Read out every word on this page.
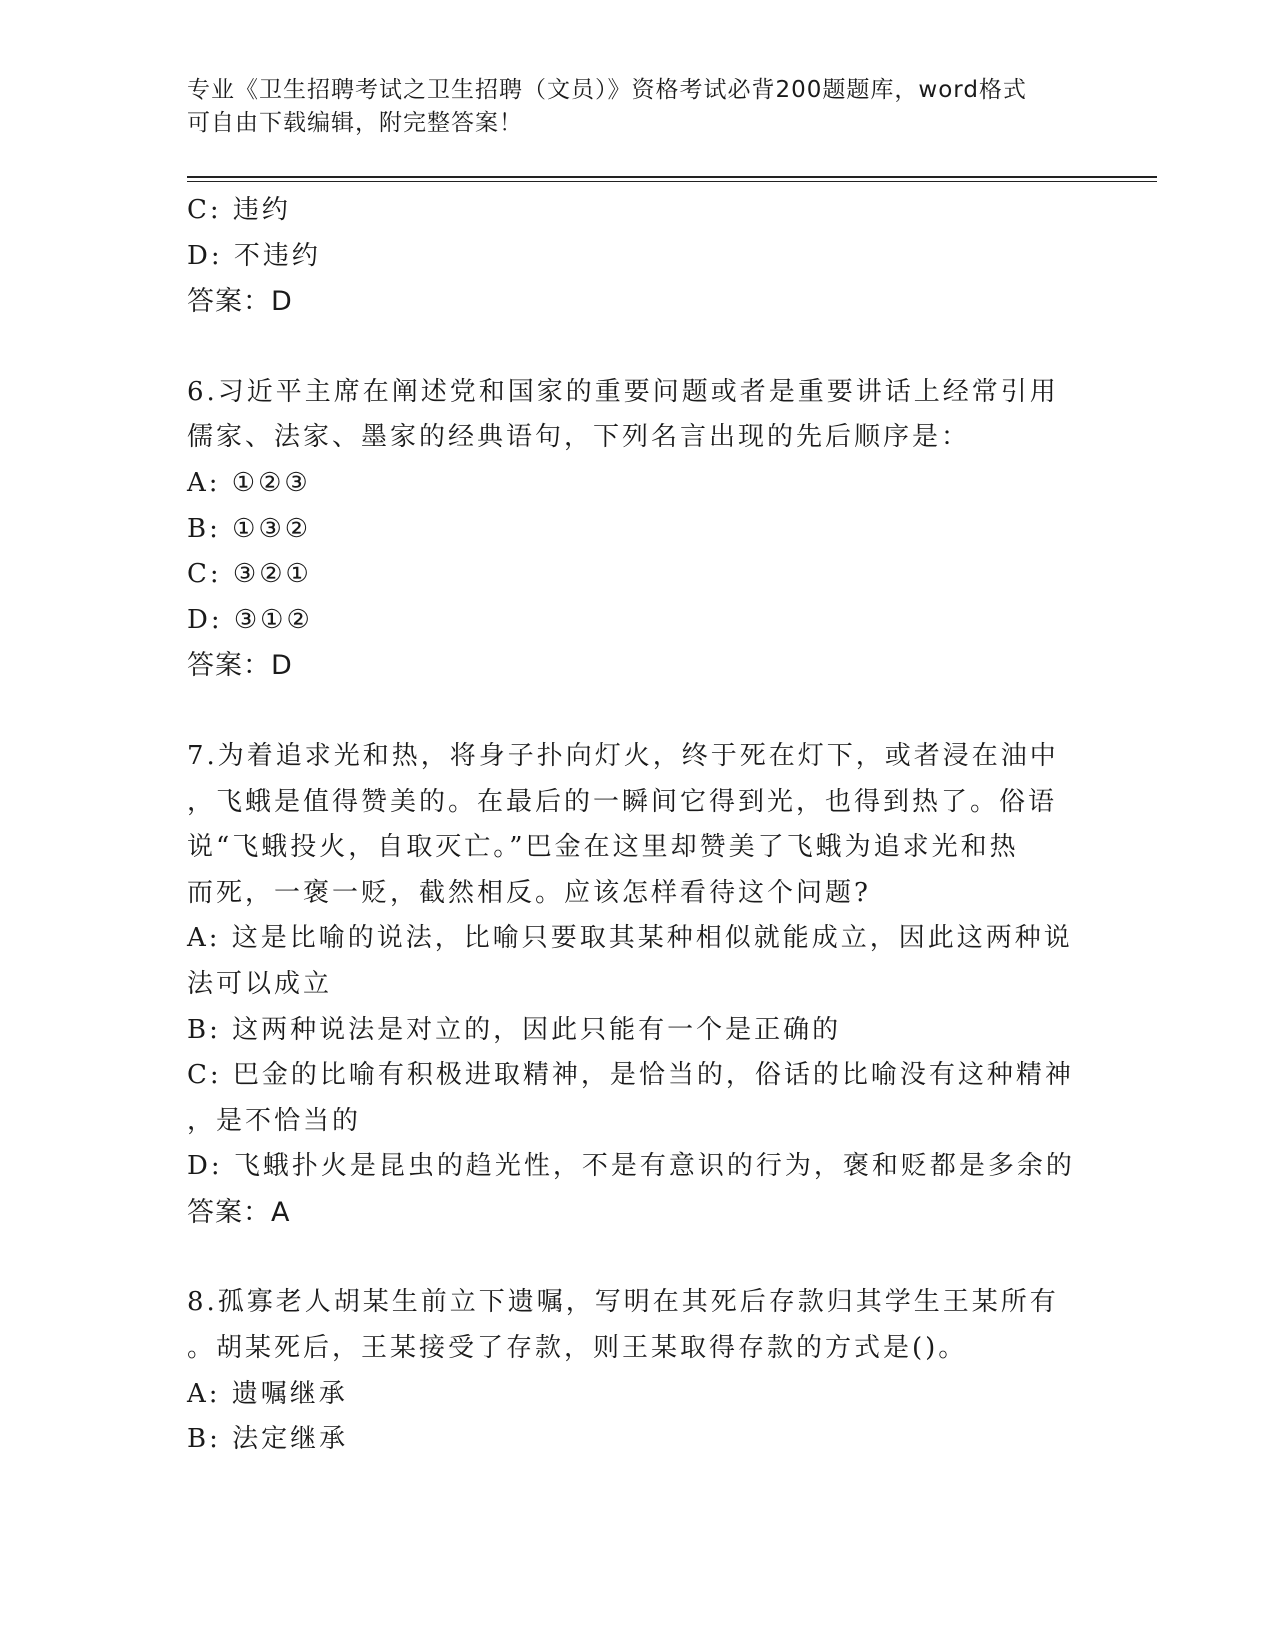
专业《卫生招聘考试之卫生招聘（文员）》资格考试必背200题题库，word格式
可自由下载编辑，附完整答案！
C: 违约
D: 不违约
答案：D
6.习近平主席在阐述党和国家的重要问题或者是重要讲话上经常引用
儒家、法家、墨家的经典语句，下列名言出现的先后顺序是：
A: ①②③
B: ①③②
C: ③②①
D: ③①②
答案：D
7.为着追求光和热，将身子扑向灯火，终于死在灯下，或者浸在油中
，飞蛾是值得赞美的。在最后的一瞬间它得到光，也得到热了。俗语
说“飞蛾投火，自取灭亡。”巴金在这里却赞美了飞蛾为追求光和热
而死，一褒一贬，截然相反。应该怎样看待这个问题?
A: 这是比喻的说法，比喻只要取其某种相似就能成立，因此这两种说
法可以成立
B: 这两种说法是对立的，因此只能有一个是正确的
C: 巴金的比喻有积极进取精神，是恰当的，俗话的比喻没有这种精神
，是不恰当的
D: 飞蛾扑火是昆虫的趋光性，不是有意识的行为，褒和贬都是多余的
答案：A
8.孤寡老人胡某生前立下遗嘱，写明在其死后存款归其学生王某所有
。胡某死后，王某接受了存款，则王某取得存款的方式是()。
A: 遗嘱继承
B: 法定继承
